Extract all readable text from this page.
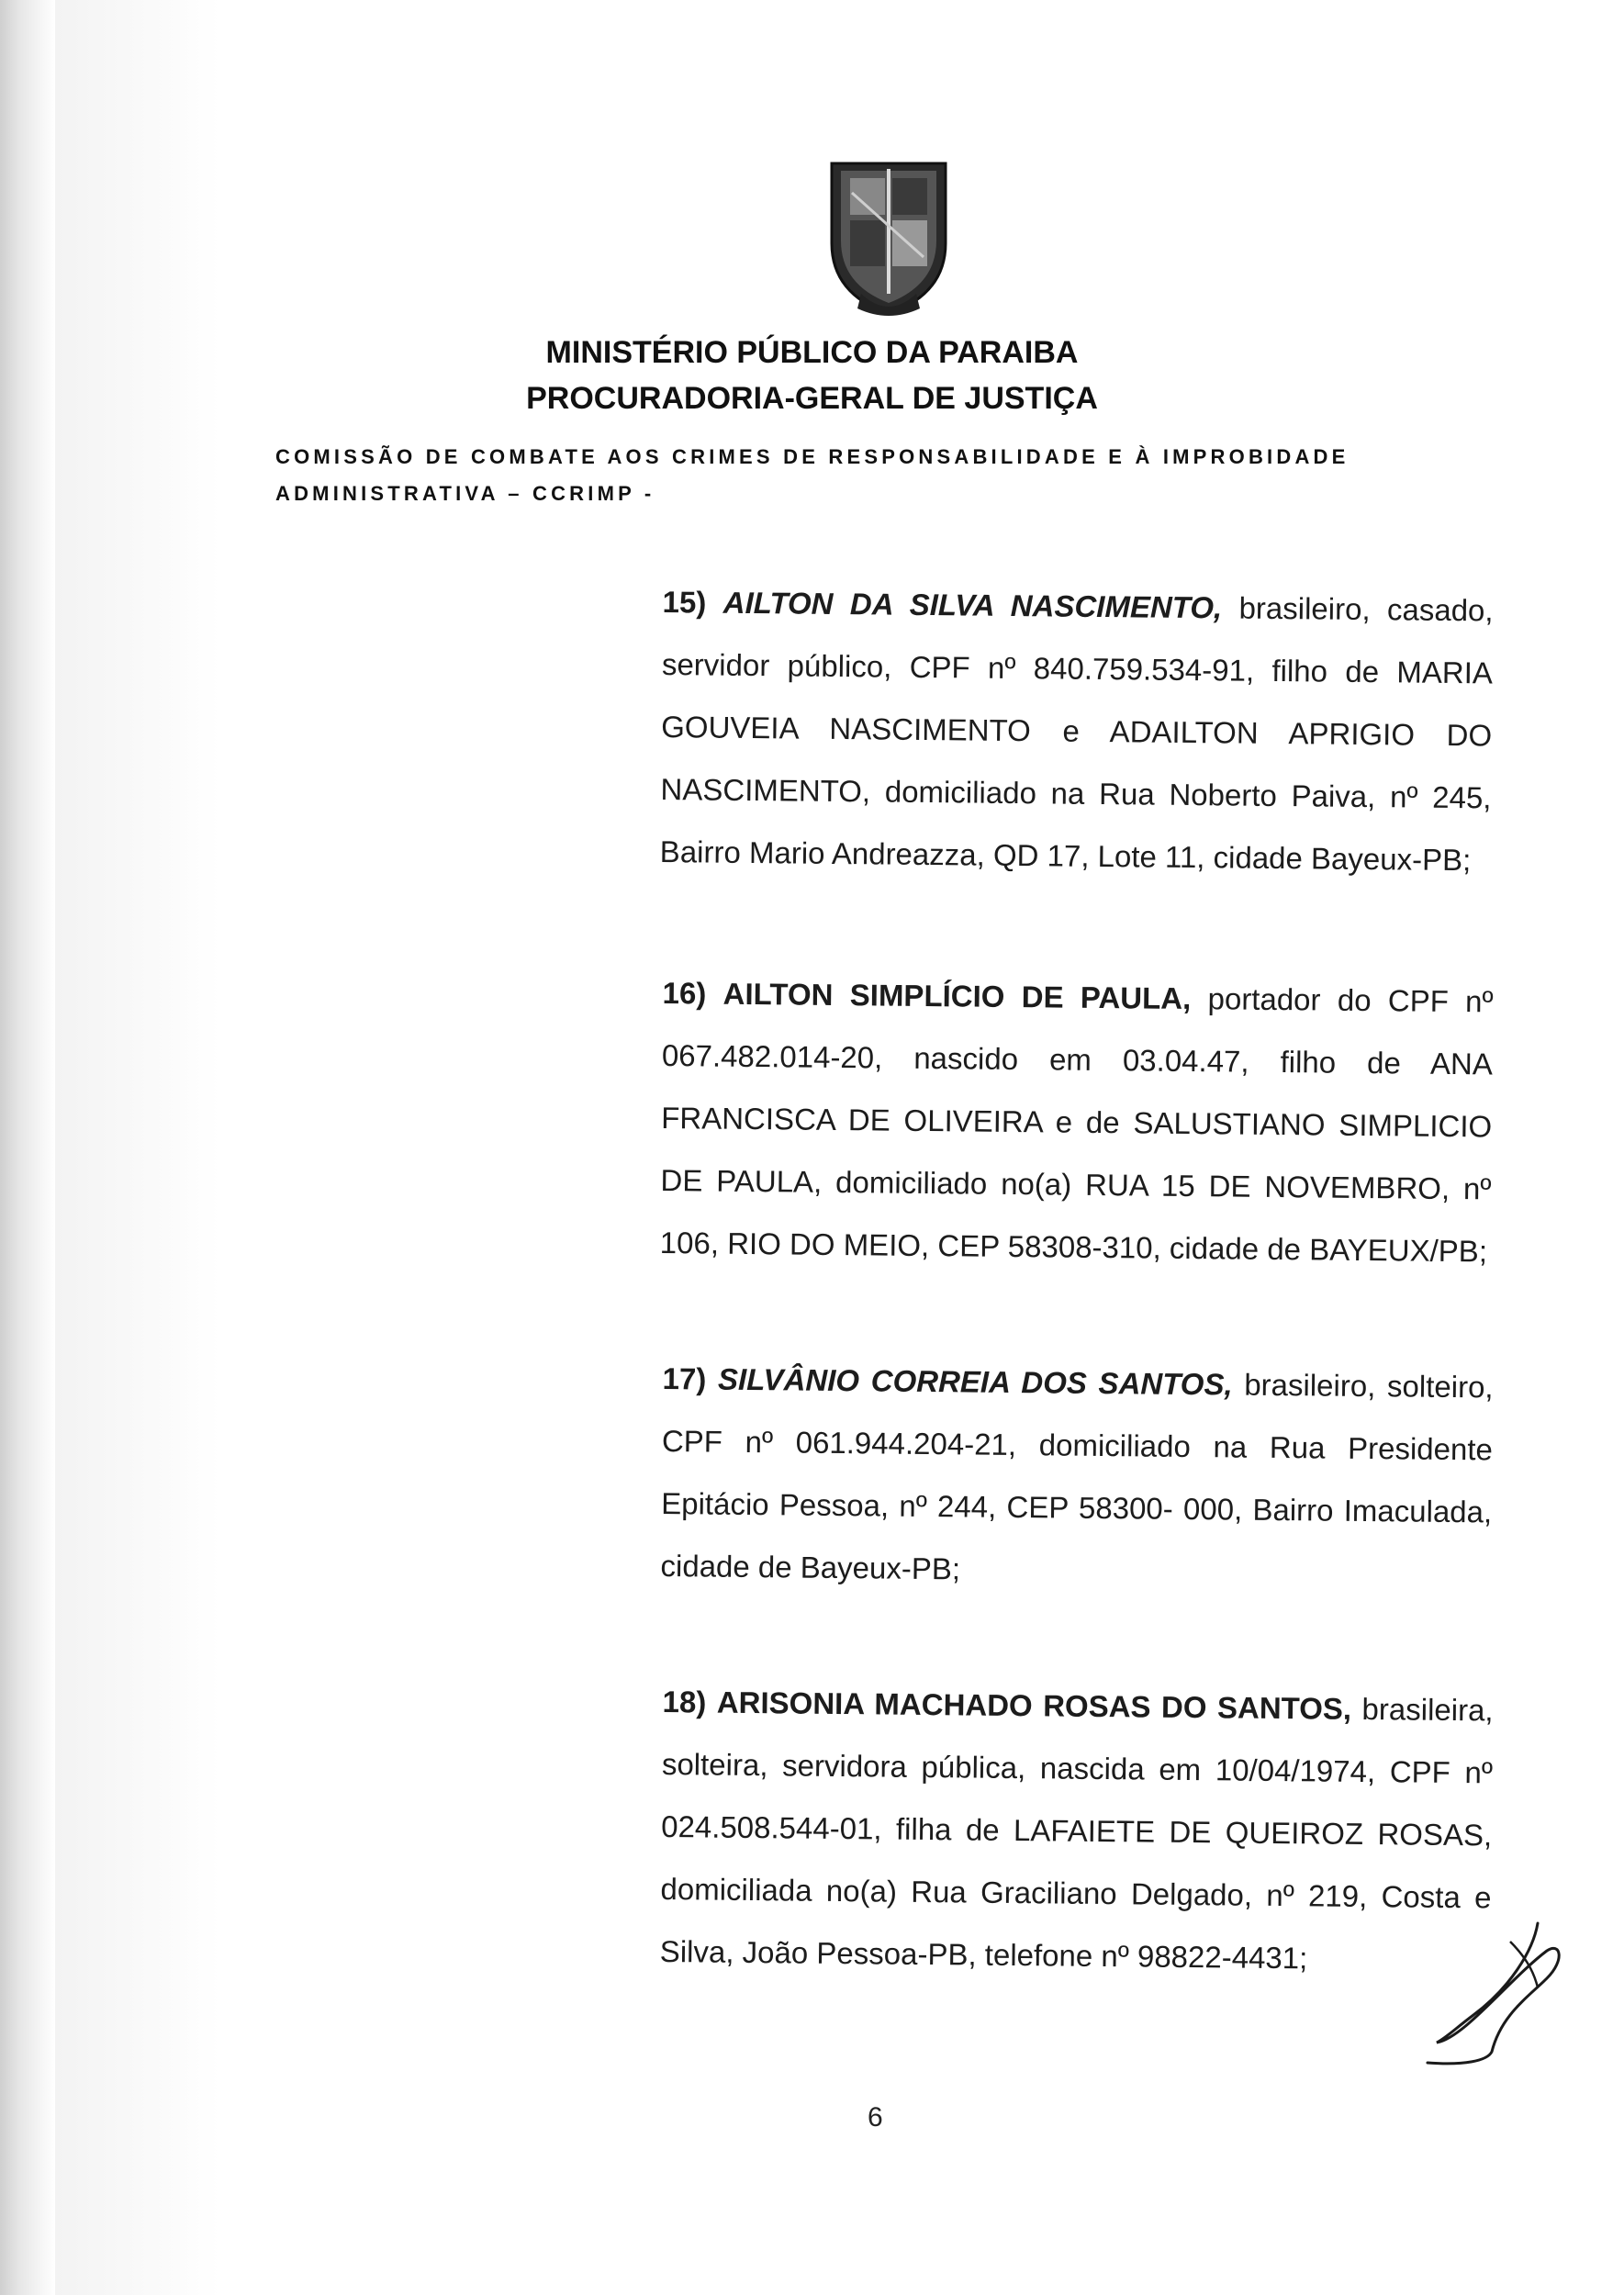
MINISTÉRIO PÚBLICO DA PARAIBA
PROCURADORIA-GERAL DE JUSTIÇA
COMISSÃO DE COMBATE AOS CRIMES DE RESPONSABILIDADE E À IMPROBIDADE ADMINISTRATIVA – CCRIMP -
15) AILTON DA SILVA NASCIMENTO, brasileiro, casado, servidor público, CPF nº 840.759.534-91, filho de MARIA GOUVEIA NASCIMENTO e ADAILTON APRIGIO DO NASCIMENTO, domiciliado na Rua Noberto Paiva, nº 245, Bairro Mario Andreazza, QD 17, Lote 11, cidade Bayeux-PB;
16) AILTON SIMPLÍCIO DE PAULA, portador do CPF nº 067.482.014-20, nascido em 03.04.47, filho de ANA FRANCISCA DE OLIVEIRA e de SALUSTIANO SIMPLICIO DE PAULA, domiciliado no(a) RUA 15 DE NOVEMBRO, nº 106, RIO DO MEIO, CEP 58308-310, cidade de BAYEUX/PB;
17) SILVÂNIO CORREIA DOS SANTOS, brasileiro, solteiro, CPF nº 061.944.204-21, domiciliado na Rua Presidente Epitácio Pessoa, nº 244, CEP 58300- 000, Bairro Imaculada, cidade de Bayeux-PB;
18) ARISONIA MACHADO ROSAS DO SANTOS, brasileira, solteira, servidora pública, nascida em 10/04/1974, CPF nº 024.508.544-01, filha de LAFAIETE DE QUEIROZ ROSAS, domiciliada no(a) Rua Graciliano Delgado, nº 219, Costa e Silva, João Pessoa-PB, telefone nº 98822-4431;
6
